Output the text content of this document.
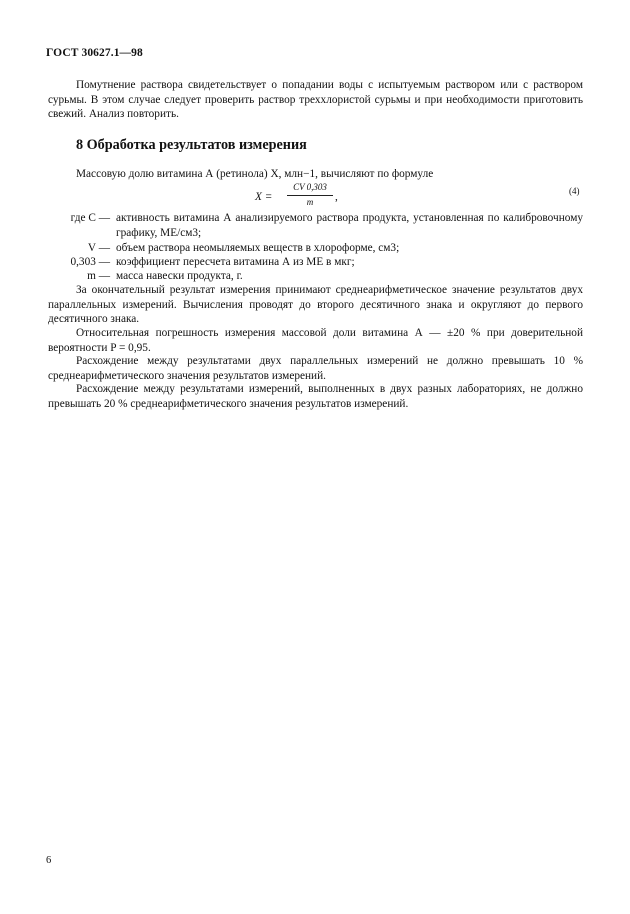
ГОСТ 30627.1—98
Помутнение раствора свидетельствует о попадании воды с испытуемым раствором или с раствором сурьмы. В этом случае следует проверить раствор треххлористой сурьмы и при необходимости приготовить свежий. Анализ повторить.
8 Обработка результатов измерения
Массовую долю витамина А (ретинола) X, млн−1, вычисляют по формуле
X =
CV 0,303
m	,	(4)
где C — активность витамина А анализируемого раствора продукта, установленная по калибровочному графику, МЕ/см3;
V — объем раствора неомыляемых веществ в хлороформе, см3;
0,303 — коэффициент пересчета витамина А из МЕ в мкг;
m — масса навески продукта, г.
За окончательный результат измерения принимают среднеарифметическое значение результатов двух параллельных измерений. Вычисления проводят до второго десятичного знака и округляют до первого десятичного знака.
Относительная погрешность измерения массовой доли витамина А — ±20 % при доверительной вероятности P = 0,95.
Расхождение между результатами двух параллельных измерений не должно превышать 10 % среднеарифметического значения результатов измерений.
Расхождение между результатами измерений, выполненных в двух разных лабораториях, не должно превышать 20 % среднеарифметического значения результатов измерений.
6
